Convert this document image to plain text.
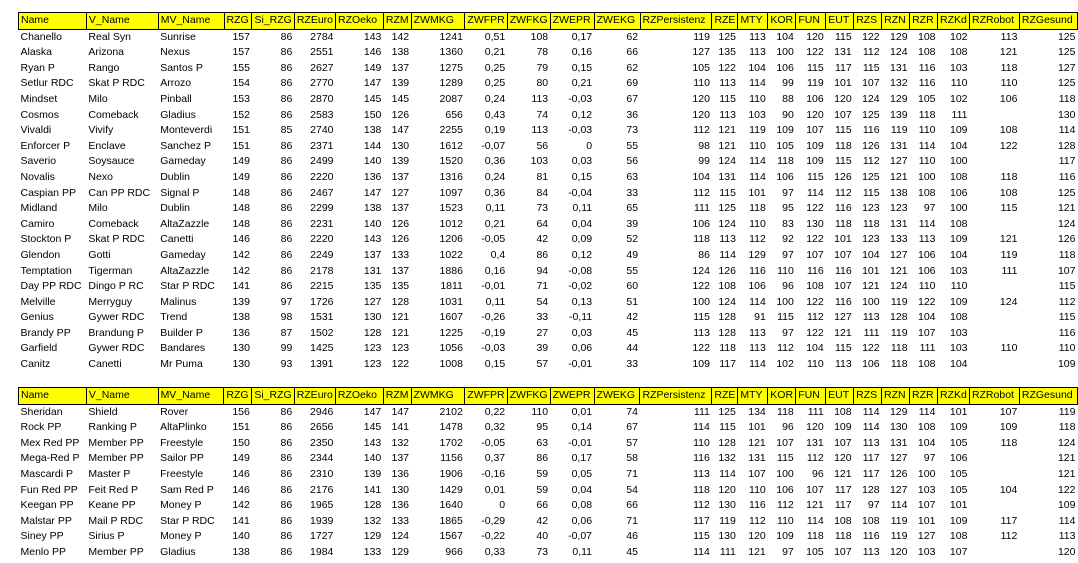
Name	V_Name	MV_Name	RZG	Si_RZG	RZEuro	RZOeko	RZM	ZWMKG	ZWFPR	ZWFKG	ZWEPR	ZWEKG	RZPersistenz	RZE	MTY	KOR	FUN	EUT	RZS	RZN	RZR	RZKd	RZRobot	RZGesund
Chanello	Real Syn	Sunrise	157	86	2784	143	142	1241	0,51	108	0,17	62	119	125	113	104	120	115	122	129	108	102	113	125
Alaska	Arizona	Nexus	157	86	2551	146	138	1360	0,21	78	0,16	66	127	135	113	100	122	131	112	124	108	108	121	125
Ryan P	Rango	Santos P	155	86	2627	149	137	1275	0,25	79	0,15	62	105	122	104	106	115	117	115	131	116	103	118	127
Setlur RDC	Skat P RDC	Arrozo	154	86	2770	147	139	1289	0,25	80	0,21	69	110	113	114	99	119	101	107	132	116	110	110	125
Mindset	Milo	Pinball	153	86	2870	145	145	2087	0,24	113	-0,03	67	120	115	110	88	106	120	124	129	105	102	106	118
Cosmos	Comeback	Gladius	152	86	2583	150	126	656	0,43	74	0,12	36	120	113	103	90	120	107	125	139	118	111		130
Vivaldi	Vivify	Monteverdi	151	85	2740	138	147	2255	0,19	113	-0,03	73	112	121	119	109	107	115	116	119	110	109	108	114
Enforcer P	Enclave	Sanchez P	151	86	2371	144	130	1612	-0,07	56	0	55	98	121	110	105	109	118	126	131	114	104	122	128
Saverio	Soysauce	Gameday	149	86	2499	140	139	1520	0,36	103	0,03	56	99	124	114	118	109	115	112	127	110	100		117
Novalis	Nexo	Dublin	149	86	2220	136	137	1316	0,24	81	0,15	63	104	131	114	106	115	126	125	121	100	108	118	116
Caspian PP	Can PP RDC	Signal P	148	86	2467	147	127	1097	0,36	84	-0,04	33	112	115	101	97	114	112	115	138	108	106	108	125
Midland	Milo	Dublin	148	86	2299	138	137	1523	0,11	73	0,11	65	111	125	118	95	122	116	123	123	97	100	115	121
Camiro	Comeback	AltaZazzle	148	86	2231	140	126	1012	0,21	64	0,04	39	106	124	110	83	130	118	118	131	114	108		124
Stockton P	Skat P RDC	Canetti	146	86	2220	143	126	1206	-0,05	42	0,09	52	118	113	112	92	122	101	123	133	113	109	121	126
Glendon	Gotti	Gameday	142	86	2249	137	133	1022	0,4	86	0,12	49	86	114	129	97	107	107	104	127	106	104	119	118
Temptation	Tigerman	AltaZazzle	142	86	2178	131	137	1886	0,16	94	-0,08	55	124	126	116	110	116	116	101	121	106	103	111	107
Day PP RDC	Dingo P RC	Star P RDC	141	86	2215	135	135	1811	-0,01	71	-0,02	60	122	108	106	96	108	107	121	124	110	110		115
Melville	Merryguy	Malinus	139	97	1726	127	128	1031	0,11	54	0,13	51	100	124	114	100	122	116	100	119	122	109	124	112
Genius	Gywer RDC	Trend	138	98	1531	130	121	1607	-0,26	33	-0,11	42	115	128	91	115	112	127	113	128	104	108		115
Brandy PP	Brandung P	Builder P	136	87	1502	128	121	1225	-0,19	27	0,03	45	113	128	113	97	122	121	111	119	107	103		116
Garfield	Gywer RDC	Bandares	130	99	1425	123	123	1056	-0,03	39	0,06	44	122	118	113	112	104	115	122	118	111	103	110	110
Canitz	Canetti	Mr Puma	130	93	1391	123	122	1008	0,15	57	-0,01	33	109	117	114	102	110	113	106	118	108	104		109
Name	V_Name	MV_Name	RZG	Si_RZG	RZEuro	RZOeko	RZM	ZWMKG	ZWFPR	ZWFKG	ZWEPR	ZWEKG	RZPersistenz	RZE	MTY	KOR	FUN	EUT	RZS	RZN	RZR	RZKd	RZRobot	RZGesund
Sheridan	Shield	Rover	156	86	2946	147	147	2102	0,22	110	0,01	74	111	125	134	118	111	108	114	129	114	101	107	119
Rock PP	Ranking P	AltaPlinko	151	86	2656	145	141	1478	0,32	95	0,14	67	114	115	101	96	120	109	114	130	108	109	109	118
Mex Red PP	Member PP	Freestyle	150	86	2350	143	132	1702	-0,05	63	-0,01	57	110	128	121	107	131	107	113	131	104	105	118	124
Mega-Red P	Member PP	Sailor PP	149	86	2344	140	137	1156	0,37	86	0,17	58	116	132	131	115	112	120	117	127	97	106		121
Mascardi P	Master P	Freestyle	146	86	2310	139	136	1906	-0,16	59	0,05	71	113	114	107	100	96	121	117	126	100	105		121
Fun Red PP	Feit Red P	Sam Red P	146	86	2176	141	130	1429	0,01	59	0,04	54	118	120	110	106	107	117	128	127	103	105	104	122
Keegan PP	Keane PP	Money P	142	86	1965	128	136	1640	0	66	0,08	66	112	130	116	112	121	117	97	114	107	101		109
Malstar PP	Mail P RDC	Star P RDC	141	86	1939	132	133	1865	-0,29	42	0,06	71	117	119	112	110	114	108	108	119	101	109	117	114
Siney PP	Sirius P	Money P	140	86	1727	129	124	1567	-0,22	40	-0,07	46	115	130	120	109	118	118	116	119	127	108	112	113
Menlo PP	Member PP	Gladius	138	86	1984	133	129	966	0,33	73	0,11	45	114	111	121	97	105	107	113	120	103	107		120
